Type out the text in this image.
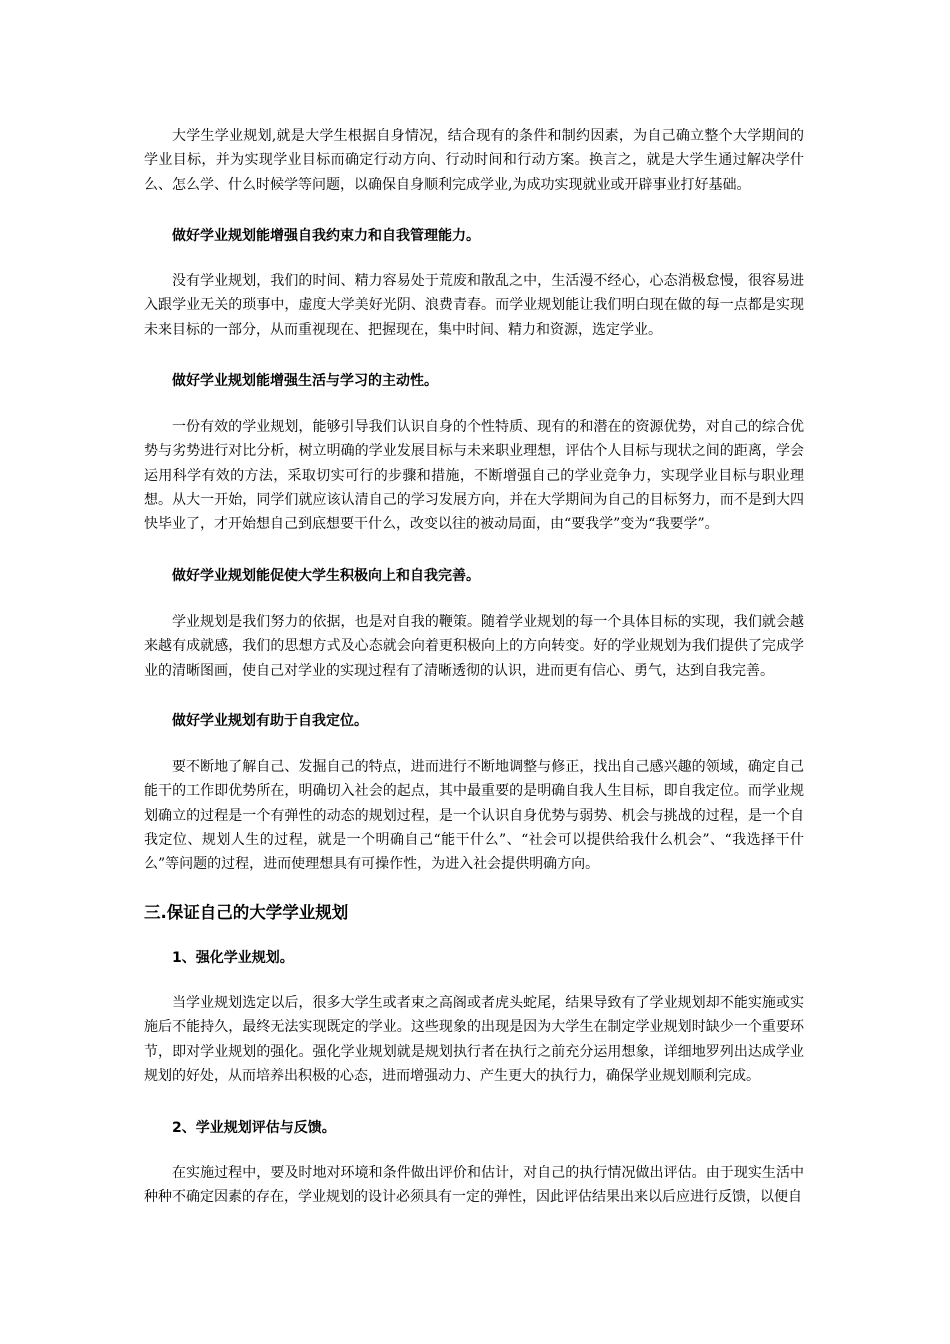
大学生学业规划,就是大学生根据自身情况，结合现有的条件和制约因素，为自己确立整个大学期间的学业目标，并为实现学业目标而确定行动方向、行动时间和行动方案。换言之，就是大学生通过解决学什么、怎么学、什么时候学等问题，以确保自身顺利完成学业,为成功实现就业或开辟事业打好基础。

做好学业规划能增强自我约束力和自我管理能力。

没有学业规划，我们的时间、精力容易处于荒废和散乱之中，生活漫不经心，心态消极怠慢，很容易进入跟学业无关的琐事中，虚度大学美好光阴、浪费青春。而学业规划能让我们明白现在做的每一点都是实现未来目标的一部分，从而重视现在、把握现在，集中时间、精力和资源，选定学业。

做好学业规划能增强生活与学习的主动性。

一份有效的学业规划，能够引导我们认识自身的个性特质、现有的和潜在的资源优势，对自己的综合优势与劣势进行对比分析，树立明确的学业发展目标与未来职业理想，评估个人目标与现状之间的距离，学会运用科学有效的方法，采取切实可行的步骤和措施，不断增强自己的学业竞争力，实现学业目标与职业理想。从大一开始，同学们就应该认清自己的学习发展方向，并在大学期间为自己的目标努力，而不是到大四快毕业了，才开始想自己到底想要干什么，改变以往的被动局面，由“要我学”变为“我要学”。

做好学业规划能促使大学生积极向上和自我完善。

学业规划是我们努力的依据，也是对自我的鞭策。随着学业规划的每一个具体目标的实现，我们就会越来越有成就感，我们的思想方式及心态就会向着更积极向上的方向转变。好的学业规划为我们提供了完成学业的清晰图画，使自己对学业的实现过程有了清晰透彻的认识，进而更有信心、勇气，达到自我完善。

做好学业规划有助于自我定位。

要不断地了解自己、发掘自己的特点，进而进行不断地调整与修正，找出自己感兴趣的领域，确定自己能干的工作即优势所在，明确切入社会的起点，其中最重要的是明确自我人生目标，即自我定位。而学业规划确立的过程是一个有弹性的动态的规划过程，是一个认识自身优势与弱势、机会与挑战的过程，是一个自我定位、规划人生的过程，就是一个明确自己“能干什么”、“社会可以提供给我什么机会”、“我选择干什么”等问题的过程，进而使理想具有可操作性，为进入社会提供明确方向。

三.保证自己的大学学业规划

1、强化学业规划。

当学业规划选定以后，很多大学生或者束之高阁或者虎头蛇尾，结果导致有了学业规划却不能实施或实施后不能持久，最终无法实现既定的学业。这些现象的出现是因为大学生在制定学业规划时缺少一个重要环节，即对学业规划的强化。强化学业规划就是规划执行者在执行之前充分运用想象，详细地罗列出达成学业规划的好处，从而培养出积极的心态，进而增强动力、产生更大的执行力，确保学业规划顺利完成。

2、学业规划评估与反馈。

在实施过程中，要及时地对环境和条件做出评价和估计，对自己的执行情况做出评估。由于现实生活中种种不确定因素的存在，学业规划的设计必须具有一定的弹性，因此评估结果出来以后应进行反馈，以便自
